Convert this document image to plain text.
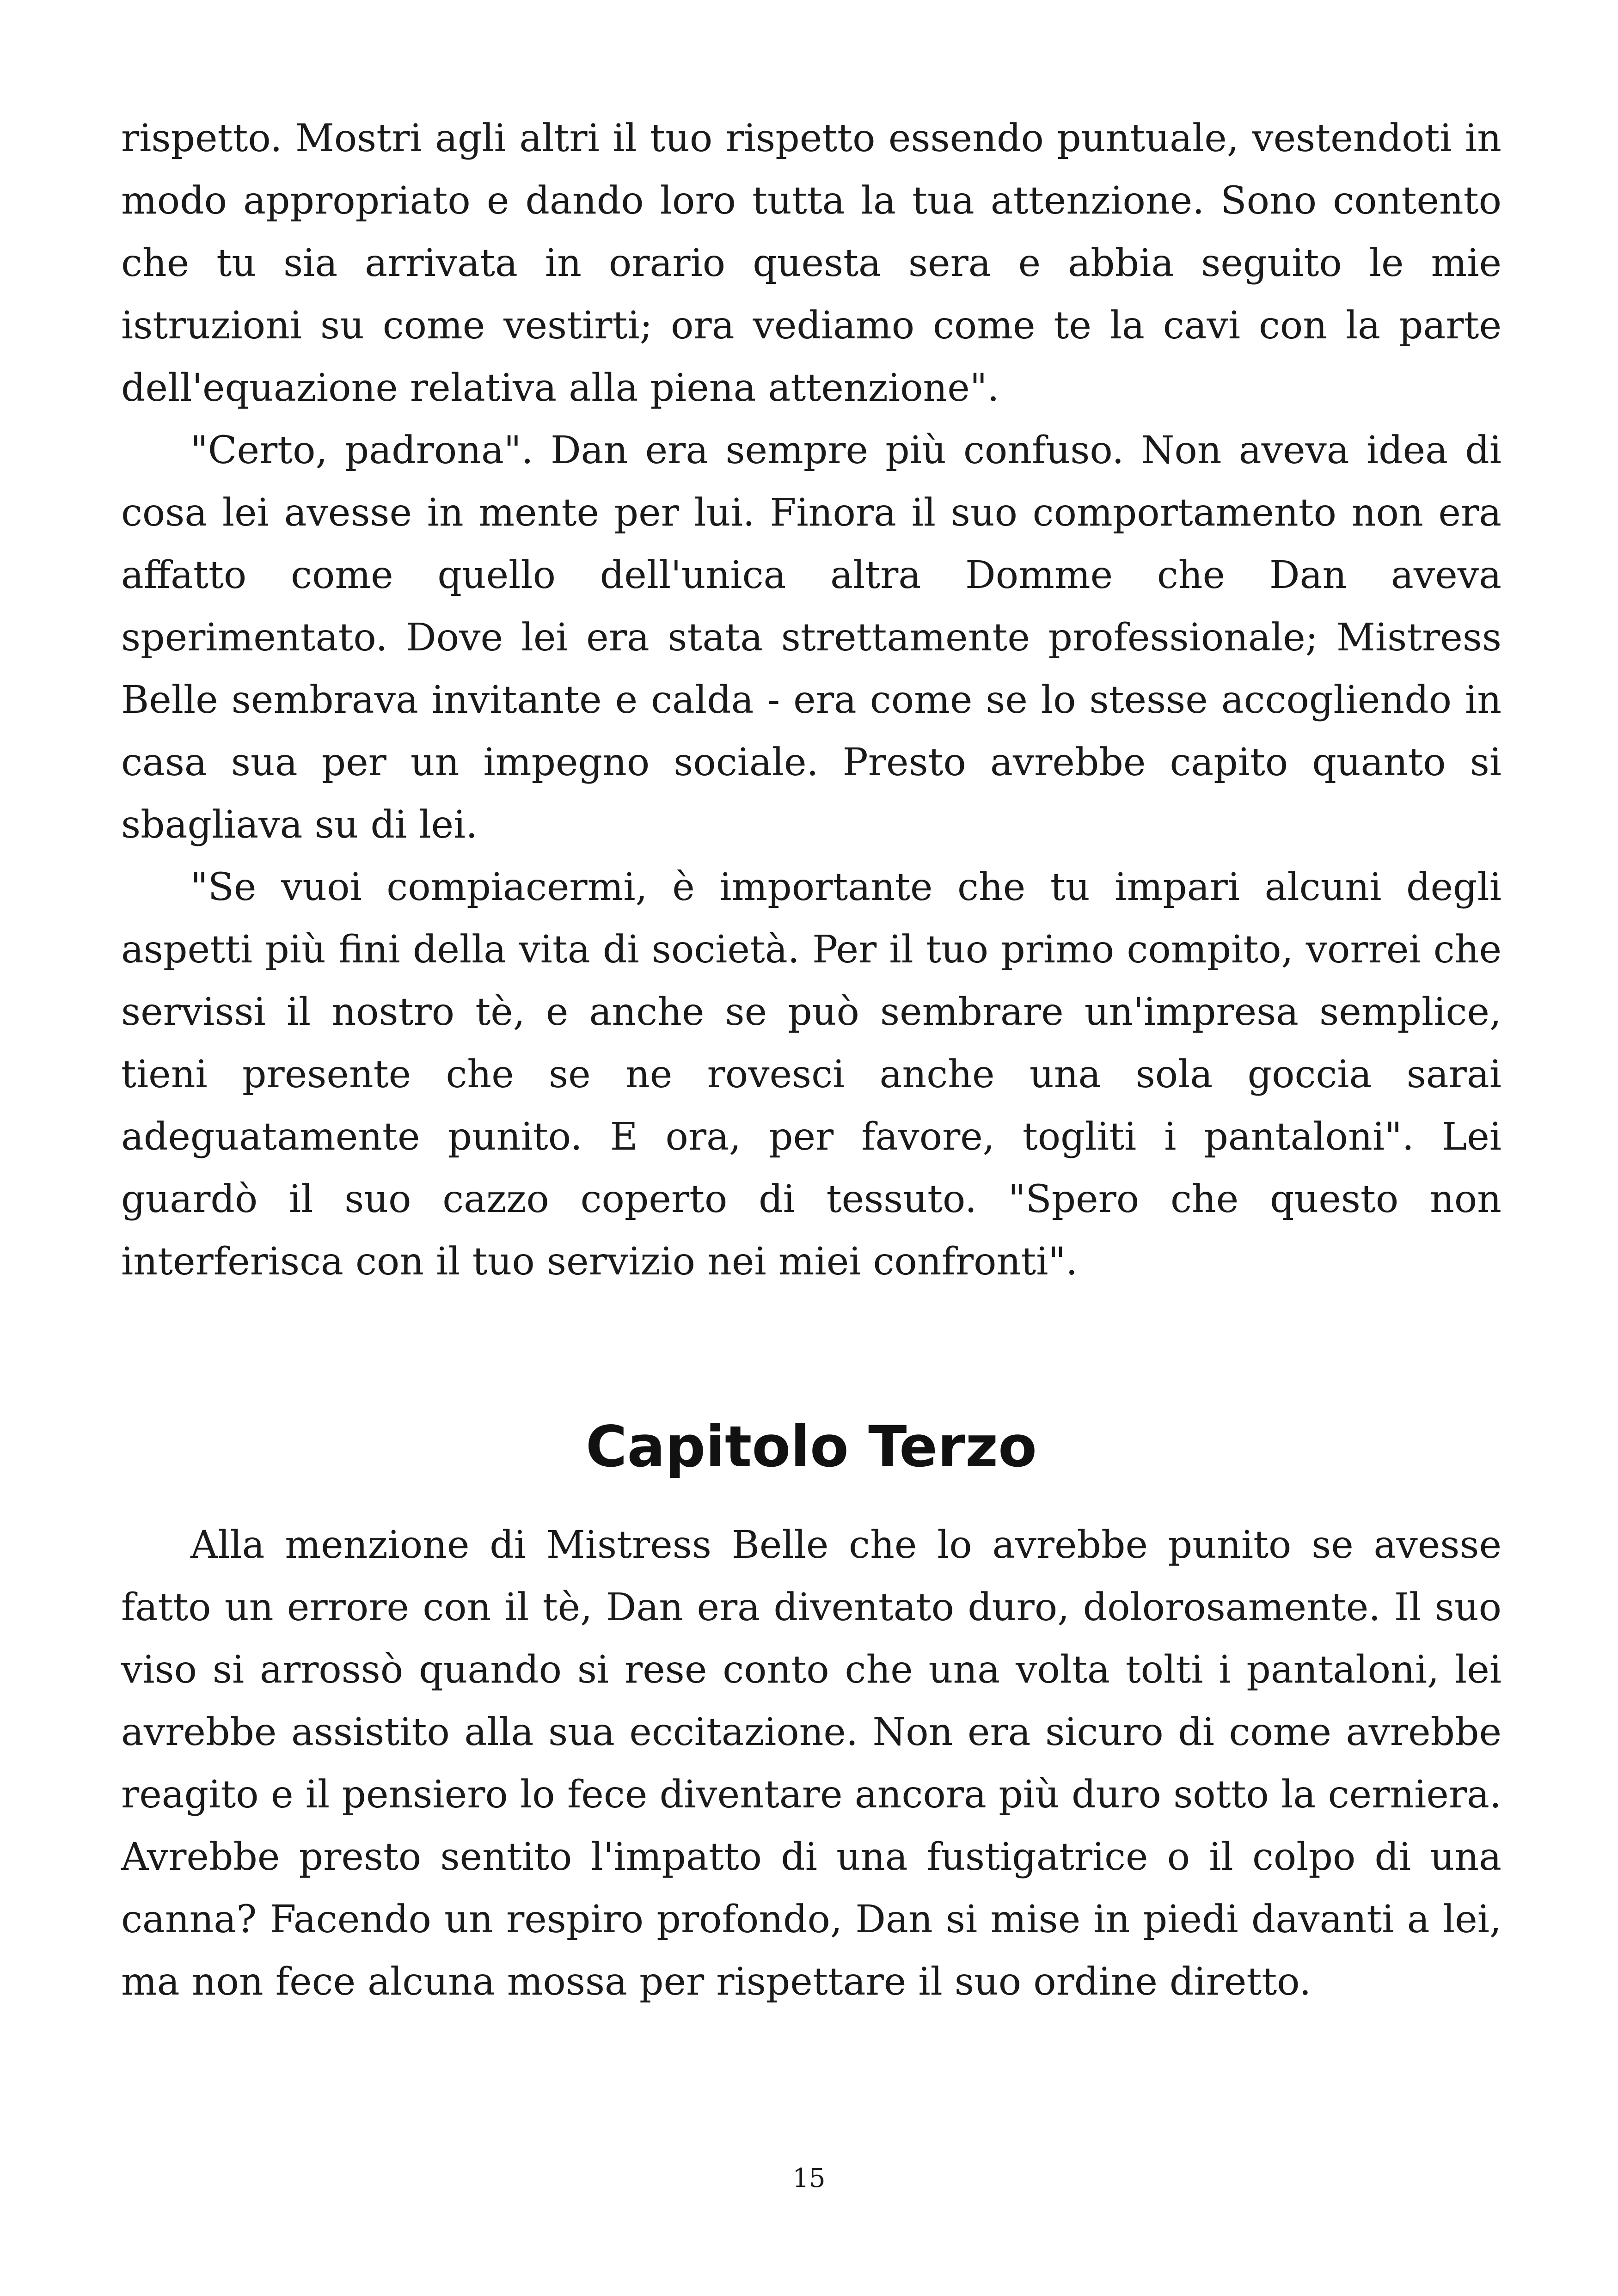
rispetto. Mostri agli altri il tuo rispetto essendo puntuale, vestendoti in modo appropriato e dando loro tutta la tua attenzione. Sono contento che tu sia arrivata in orario questa sera e abbia seguito le mie istruzioni su come vestirti; ora vediamo come te la cavi con la parte dell'equazione relativa alla piena attenzione".

"Certo, padrona". Dan era sempre più confuso. Non aveva idea di cosa lei avesse in mente per lui. Finora il suo comportamento non era affatto come quello dell'unica altra Domme che Dan aveva sperimentato. Dove lei era stata strettamente professionale; Mistress Belle sembrava invitante e calda - era come se lo stesse accogliendo in casa sua per un impegno sociale. Presto avrebbe capito quanto si sbagliava su di lei.

"Se vuoi compiacermi, è importante che tu impari alcuni degli aspetti più fini della vita di società. Per il tuo primo compito, vorrei che servissi il nostro tè, e anche se può sembrare un'impresa semplice, tieni presente che se ne rovesci anche una sola goccia sarai adeguatamente punito. E ora, per favore, togliti i pantaloni". Lei guardò il suo cazzo coperto di tessuto. "Spero che questo non interferisca con il tuo servizio nei miei confronti".

Capitolo Terzo

Alla menzione di Mistress Belle che lo avrebbe punito se avesse fatto un errore con il tè, Dan era diventato duro, dolorosamente. Il suo viso si arrossò quando si rese conto che una volta tolti i pantaloni, lei avrebbe assistito alla sua eccitazione. Non era sicuro di come avrebbe reagito e il pensiero lo fece diventare ancora più duro sotto la cerniera. Avrebbe presto sentito l'impatto di una fustigatrice o il colpo di una canna? Facendo un respiro profondo, Dan si mise in piedi davanti a lei, ma non fece alcuna mossa per rispettare il suo ordine diretto.

15
